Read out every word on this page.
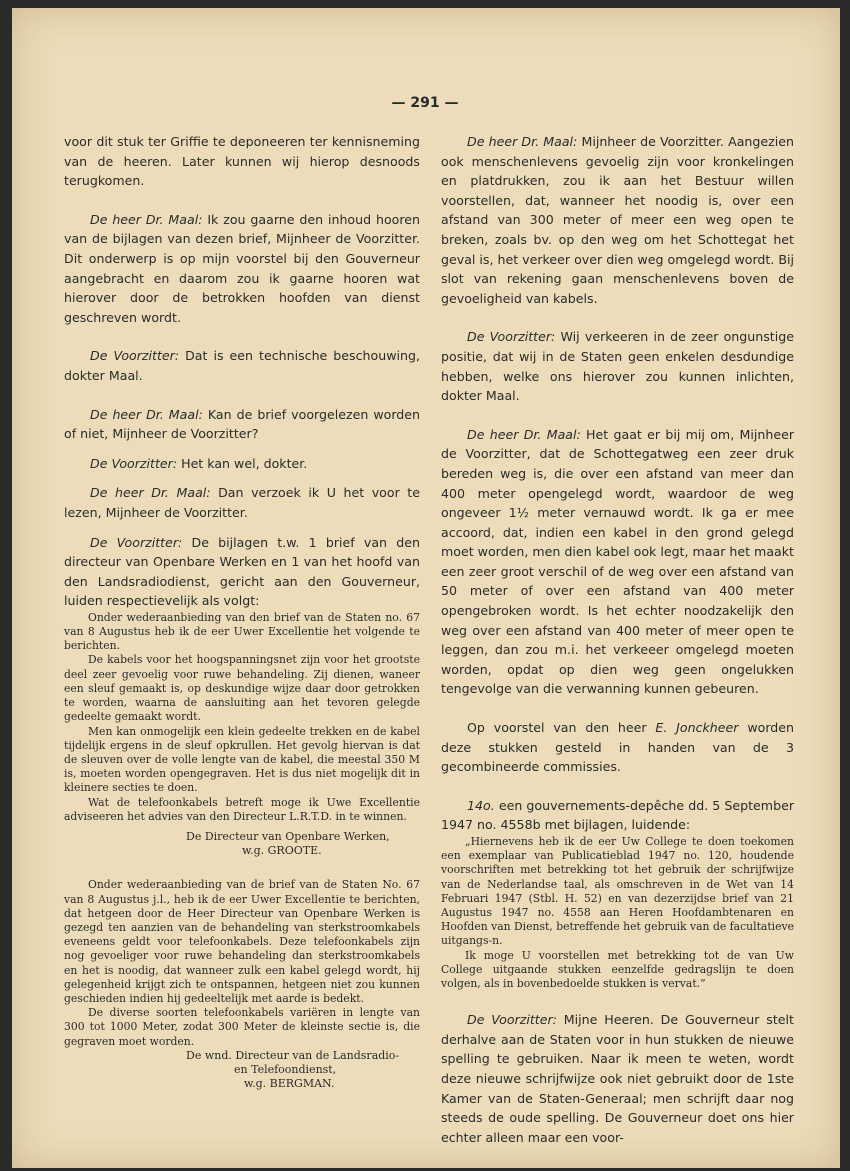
— 291 —

voor dit stuk ter Griffie te deponeeren ter kennisneming van de heeren. Later kunnen wij hierop desnoods terugkomen.

De heer Dr. Maal: Ik zou gaarne den inhoud hooren van de bijlagen van dezen brief, Mijnheer de Voorzitter. Dit onderwerp is op mijn voorstel bij den Gouverneur aangebracht en daarom zou ik gaarne hooren wat hierover door de betrokken hoofden van dienst geschreven wordt.

De Voorzitter: Dat is een technische beschouwing, dokter Maal.

De heer Dr. Maal: Kan de brief voorgelezen worden of niet, Mijnheer de Voorzitter?

De Voorzitter: Het kan wel, dokter.

De heer Dr. Maal: Dan verzoek ik U het voor te lezen, Mijnheer de Voorzitter.

De Voorzitter: De bijlagen t.w. 1 brief van den directeur van Openbare Werken en 1 van het hoofd van den Landsradiodienst, gericht aan den Gouverneur, luiden respectievelijk als volgt:

Onder wederaanbieding van den brief van de Staten no. 67 van 8 Augustus heb ik de eer Uwer Excellentie het volgende te berichten.

De kabels voor het hoogspanningsnet zijn voor het grootste deel zeer gevoelig voor ruwe behandeling. Zij dienen, waneer een sleuf gemaakt is, op deskundige wijze daar door getrokken te worden, waarna de aansluiting aan het tevoren gelegde gedeelte gemaakt wordt.

Men kan onmogelijk een klein gedeelte trekken en de kabel tijdelijk ergens in de sleuf opkrullen. Het gevolg hiervan is dat de sleuven over de volle lengte van de kabel, die meestal 350 M is, moeten worden opengegraven. Het is dus niet mogelijk dit in kleinere secties te doen.

Wat de telefoonkabels betreft moge ik Uwe Excellentie adviseeren het advies van den Directeur L.R.T.D. in te winnen.

De Directeur van Openbare Werken,

w.g. GROOTE.

Onder wederaanbieding van de brief van de Staten No. 67 van 8 Augustus j.l., heb ik de eer Uwer Excellentie te berichten, dat hetgeen door de Heer Directeur van Openbare Werken is gezegd ten aanzien van de behandeling van sterkstroomkabels eveneens geldt voor telefoonkabels. Deze telefoonkabels zijn nog gevoeliger voor ruwe behandeling dan sterkstroomkabels en het is noodig, dat wanneer zulk een kabel gelegd wordt, hij gelegenheid krijgt zich te ontspannen, hetgeen niet zou kunnen geschieden indien hij gedeeltelijk met aarde is bedekt.

De diverse soorten telefoonkabels variëren in lengte van 300 tot 1000 Meter, zodat 300 Meter de kleinste sectie is, die gegraven moet worden.

De wnd. Directeur van de Landsradio-

en Telefoondienst,

w.g. BERGMAN.

De heer Dr. Maal: Mijnheer de Voorzitter. Aangezien ook menschenlevens gevoelig zijn voor kronkelingen en platdrukken, zou ik aan het Bestuur willen voorstellen, dat, wanneer het noodig is, over een afstand van 300 meter of meer een weg open te breken, zoals bv. op den weg om het Schottegat het geval is, het verkeer over dien weg omgelegd wordt. Bij slot van rekening gaan menschenlevens boven de gevoeligheid van kabels.

De Voorzitter: Wij verkeeren in de zeer ongunstige positie, dat wij in de Staten geen enkelen desdundige hebben, welke ons hierover zou kunnen inlichten, dokter Maal.

De heer Dr. Maal: Het gaat er bij mij om, Mijnheer de Voorzitter, dat de Schottegatweg een zeer druk bereden weg is, die over een afstand van meer dan 400 meter opengelegd wordt, waardoor de weg ongeveer 1½ meter vernauwd wordt. Ik ga er mee accoord, dat, indien een kabel in den grond gelegd moet worden, men dien kabel ook legt, maar het maakt een zeer groot verschil of de weg over een afstand van 50 meter of over een afstand van 400 meter opengebroken wordt. Is het echter noodzakelijk den weg over een afstand van 400 meter of meer open te leggen, dan zou m.i. het verkeeer omgelegd moeten worden, opdat op dien weg geen ongelukken tengevolge van die verwanning kunnen gebeuren.

Op voorstel van den heer E. Jonckheer worden deze stukken gesteld in handen van de 3 gecombineerde commissies.

14o. een gouvernements-depêche dd. 5 September 1947 no. 4558b met bijlagen, luidende:

„Hiernevens heb ik de eer Uw College te doen toekomen een exemplaar van Publicatieblad 1947 no. 120, houdende voorschriften met betrekking tot het gebruik der schrijfwijze van de Nederlandse taal, als omschreven in de Wet van 14 Februari 1947 (Stbl. H. 52) en van dezerzijdse brief van 21 Augustus 1947 no. 4558 aan Heren Hoofdambtenaren en Hoofden van Dienst, betreffende het gebruik van de facultatieve uitgangs-n.

Ik moge U voorstellen met betrekking tot de van Uw College uitgaande stukken eenzelfde gedragslijn te doen volgen, als in bovenbedoelde stukken is vervat.”

De Voorzitter: Mijne Heeren. De Gouverneur stelt derhalve aan de Staten voor in hun stukken de nieuwe spelling te gebruiken. Naar ik meen te weten, wordt deze nieuwe schrijfwijze ook niet gebruikt door de 1ste Kamer van de Staten-Generaal; men schrijft daar nog steeds de oude spelling. De Gouverneur doet ons hier echter alleen maar een voor-
